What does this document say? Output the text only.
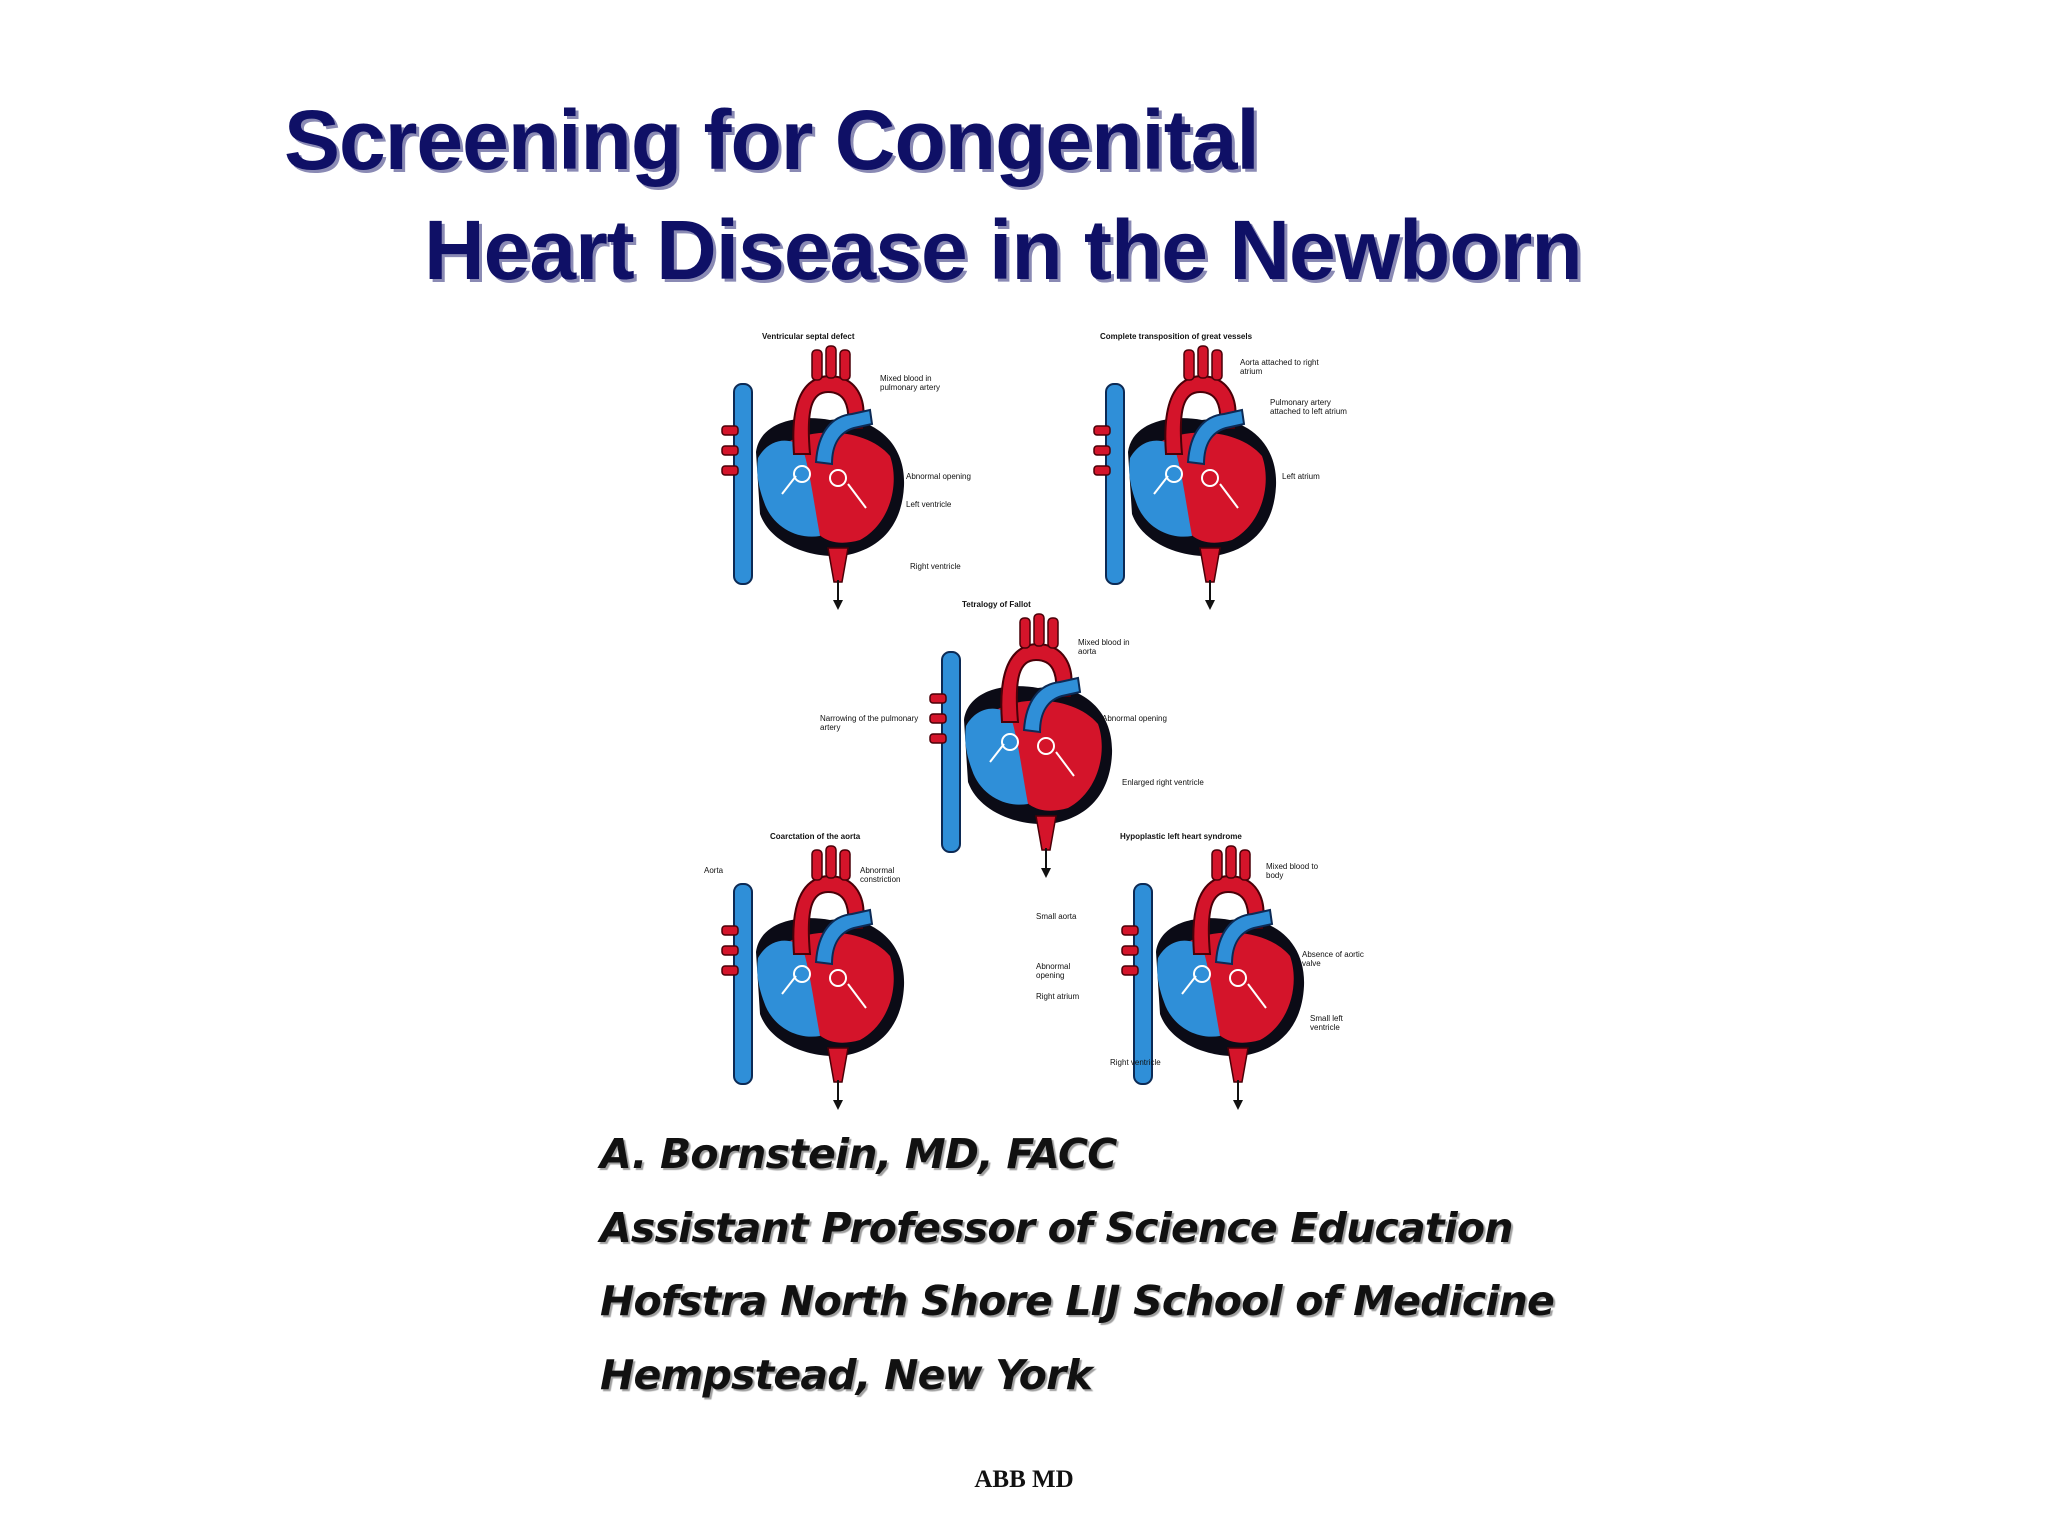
Screening for Congenital
Heart Disease in the Newborn
Ventricular septal defect
Mixed blood in pulmonary artery
Abnormal opening
Left ventricle
Right ventricle
Complete transposition of great vessels
Aorta attached to right atrium
Pulmonary artery attached to left atrium
Left atrium
Tetralogy of Fallot
Mixed blood in aorta
Narrowing of the pulmonary artery
Abnormal opening
Enlarged right ventricle
Coarctation of the aorta
Aorta	Abnormal constriction
Hypoplastic left heart syndrome
Mixed blood to body
Small aorta
Absence of aortic valve
Abnormal opening
Right atrium
Small left ventricle
Right ventricle

A. Bornstein, MD, FACC

Assistant Professor of Science Education

Hofstra North Shore LIJ School of Medicine

Hempstead, New York

ABB MD
